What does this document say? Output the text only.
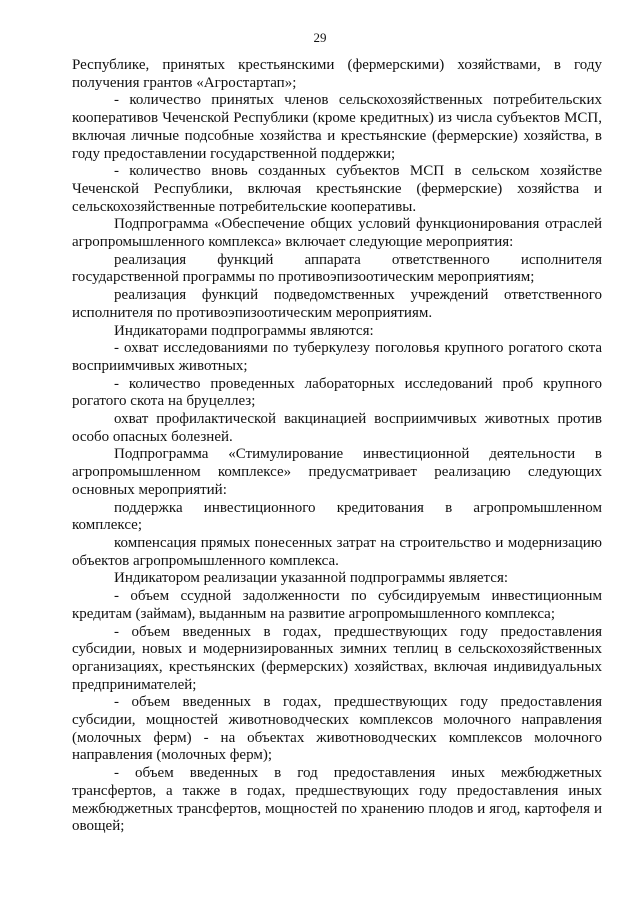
29

Республике, принятых крестьянскими (фермерскими) хозяйствами, в году получения грантов «Агростартап»;

- количество принятых членов сельскохозяйственных потребительских кооперативов Чеченской Республики (кроме кредитных) из числа субъектов МСП, включая личные подсобные хозяйства и крестьянские (фермерские) хозяйства, в году предоставлении государственной поддержки;

- количество вновь созданных субъектов МСП в сельском хозяйстве Чеченской Республики, включая крестьянские (фермерские) хозяйства и сельскохозяйственные потребительские кооперативы.

Подпрограмма «Обеспечение общих условий функционирования отраслей агропромышленного комплекса» включает следующие мероприятия:

реализация функций аппарата ответственного исполнителя государственной программы по противоэпизоотическим мероприятиям;

реализация функций подведомственных учреждений ответственного исполнителя по противоэпизоотическим мероприятиям.

Индикаторами подпрограммы являются:

- охват исследованиями по туберкулезу поголовья крупного рогатого скота восприимчивых животных;

- количество проведенных лабораторных исследований проб крупного рогатого скота на бруцеллез;

охват профилактической вакцинацией восприимчивых животных против особо опасных болезней.

Подпрограмма «Стимулирование инвестиционной деятельности в агропромышленном комплексе» предусматривает реализацию следующих основных мероприятий:

поддержка инвестиционного кредитования в агропромышленном комплексе;

компенсация прямых понесенных затрат на строительство и модернизацию объектов агропромышленного комплекса.

Индикатором реализации указанной подпрограммы является:

- объем ссудной задолженности по субсидируемым инвестиционным кредитам (займам), выданным на развитие агропромышленного комплекса;

- объем введенных в годах, предшествующих году предоставления субсидии, новых и модернизированных зимних теплиц в сельскохозяйственных организациях, крестьянских (фермерских) хозяйствах, включая индивидуальных предпринимателей;

- объем введенных в годах, предшествующих году предоставления субсидии, мощностей животноводческих комплексов молочного направления (молочных ферм) - на объектах животноводческих комплексов молочного направления (молочных ферм);

- объем введенных в год предоставления иных межбюджетных трансфертов, а также в годах, предшествующих году предоставления иных межбюджетных трансфертов, мощностей по хранению плодов и ягод, картофеля и овощей;
